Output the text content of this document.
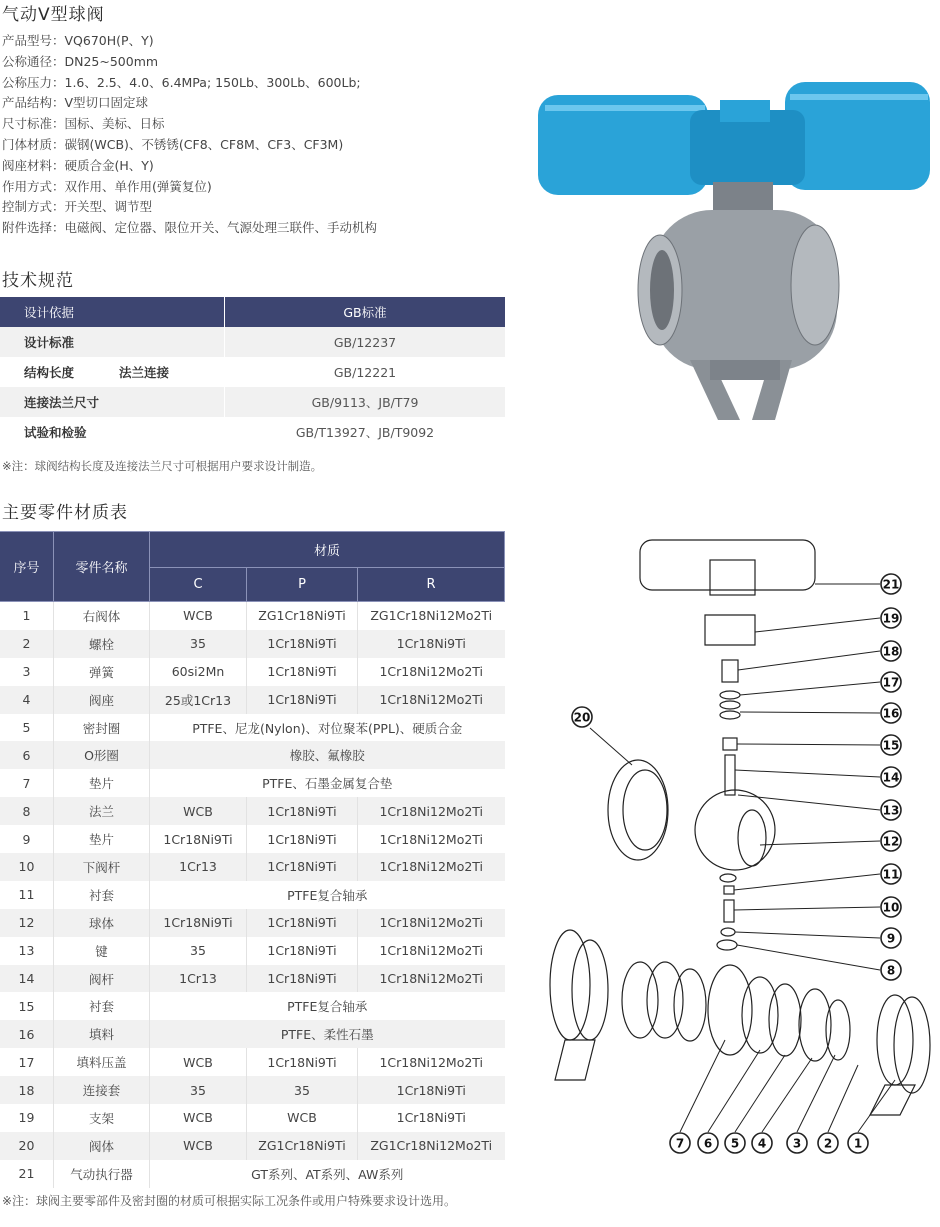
气动V型球阀
产品型号：VQ670H(P、Y)
公称通径：DN25~500mm
公称压力：1.6、2.5、4.0、6.4MPa; 150Lb、300Lb、600Lb;
产品结构：V型切口固定球
尺寸标准：国标、美标、日标
门体材质：碳钢(WCB)、不锈锈(CF8、CF8M、CF3、CF3M)
阀座材料：硬质合金(H、Y)
作用方式：双作用、单作用(弹簧复位)
控制方式：开关型、调节型
附件选择：电磁阀、定位器、限位开关、气源处理三联件、手动机构
技术规范
设计依据		GB标准
设计标准		GB/12237
结构长度	法兰连接	GB/12221
连接法兰尺寸		GB/9113、JB/T79
试验和检验		GB/T13927、JB/T9092
※注：球阀结构长度及连接法兰尺寸可根据用户要求设计制造。
主要零件材质表
序号	零件名称	材质		
		C	P	R
1	右阀体	WCB	ZG1Cr18Ni9Ti	ZG1Cr18Ni12Mo2Ti
2	螺栓	35	1Cr18Ni9Ti	1Cr18Ni9Ti
3	弹簧	60si2Mn	1Cr18Ni9Ti	1Cr18Ni12Mo2Ti
4	阀座	25或1Cr13	1Cr18Ni9Ti	1Cr18Ni12Mo2Ti
5	密封圈	PTFE、尼龙(Nylon)、对位聚苯(PPL)、硬质合金		
6	O形圈	橡胶、氟橡胶		
7	垫片	PTFE、石墨金属复合垫		
8	法兰	WCB	1Cr18Ni9Ti	1Cr18Ni12Mo2Ti
9	垫片	1Cr18Ni9Ti	1Cr18Ni9Ti	1Cr18Ni12Mo2Ti
10	下阀杆	1Cr13	1Cr18Ni9Ti	1Cr18Ni12Mo2Ti
11	衬套	PTFE复合轴承		
12	球体	1Cr18Ni9Ti	1Cr18Ni9Ti	1Cr18Ni12Mo2Ti
13	键	35	1Cr18Ni9Ti	1Cr18Ni12Mo2Ti
14	阀杆	1Cr13	1Cr18Ni9Ti	1Cr18Ni12Mo2Ti
15	衬套	PTFE复合轴承		
16	填料	PTFE、柔性石墨		
17	填料压盖	WCB	1Cr18Ni9Ti	1Cr18Ni12Mo2Ti
18	连接套	35	35	1Cr18Ni9Ti
19	支架	WCB	WCB	1Cr18Ni9Ti
20	阀体	WCB	ZG1Cr18Ni9Ti	ZG1Cr18Ni12Mo2Ti
21	气动执行器	GT系列、AT系列、AW系列		
※注：球阀主要零部件及密封圈的材质可根据实际工况条件或用户特殊要求设计选用。
21
19
18
17
16
15
14
13
12
11
10
9
8
20
7 6 5 4 3 2 1
